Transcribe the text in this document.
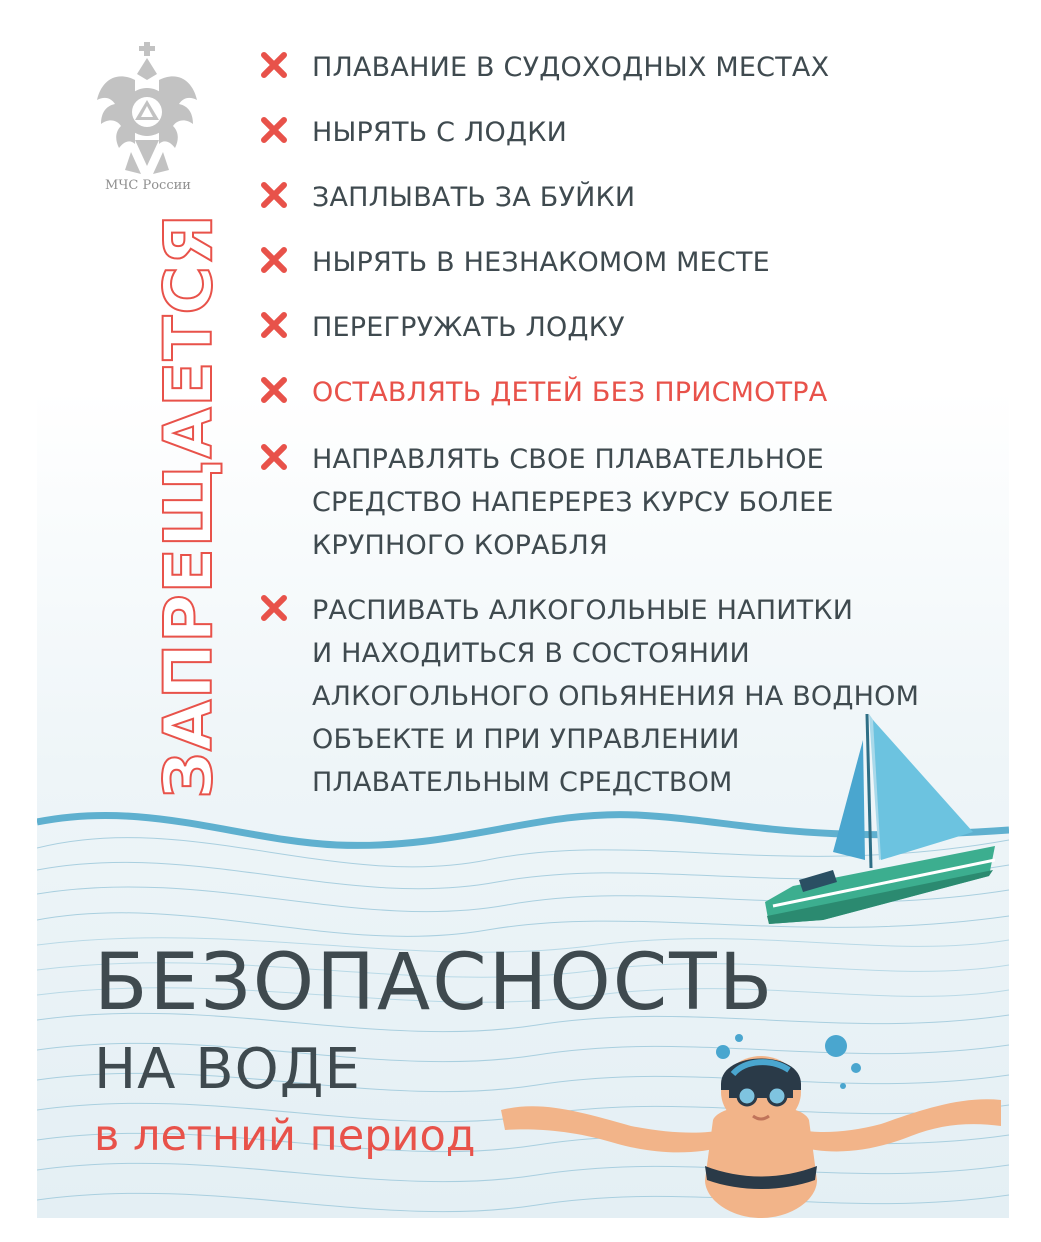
МЧС России
ЗАПРЕЩАЕТСЯ
ПЛАВАНИЕ В СУДОХОДНЫХ МЕСТАХ
НЫРЯТЬ С ЛОДКИ
ЗАПЛЫВАТЬ ЗА БУЙКИ
НЫРЯТЬ В НЕЗНАКОМОМ МЕСТЕ
ПЕРЕГРУЖАТЬ ЛОДКУ
ОСТАВЛЯТЬ ДЕТЕЙ БЕЗ ПРИСМОТРА
НАПРАВЛЯТЬ СВОЕ ПЛАВАТЕЛЬНОЕ
СРЕДСТВО НАПЕРЕРЕЗ КУРСУ БОЛЕЕ
КРУПНОГО КОРАБЛЯ
РАСПИВАТЬ АЛКОГОЛЬНЫЕ НАПИТКИ
И НАХОДИТЬСЯ В СОСТОЯНИИ
АЛКОГОЛЬНОГО ОПЬЯНЕНИЯ НА ВОДНОМ
ОБЪЕКТЕ И ПРИ УПРАВЛЕНИИ
ПЛАВАТЕЛЬНЫМ СРЕДСТВОМ
БЕЗОПАСНОСТЬ
НА ВОДЕ
в летний период
